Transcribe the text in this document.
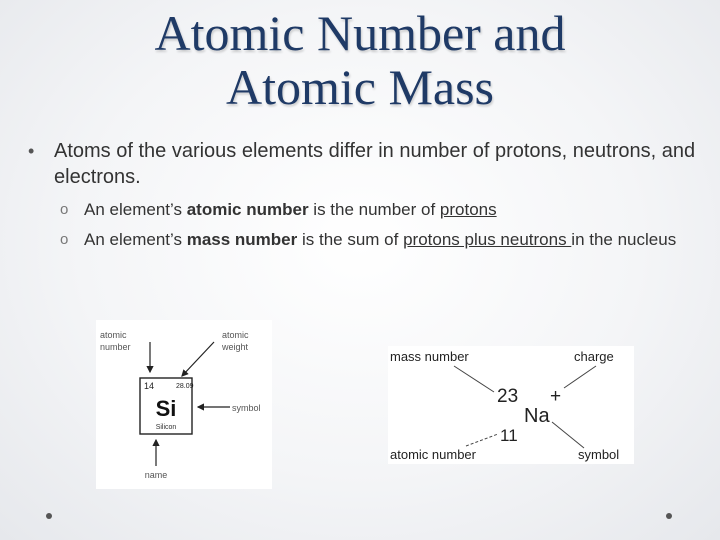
Atomic Number and
Atomic Mass
• Atoms of the various elements differ in number of protons, neutrons, and electrons.
o An element’s atomic number is the number of protons
o An element’s mass number is the sum of protons plus neutrons in the nucleus
atomic
number
atomic
weight
14	28.09
Si
Silicon
symbol
name
mass number	charge
23 +
Na
11
atomic number	symbol
